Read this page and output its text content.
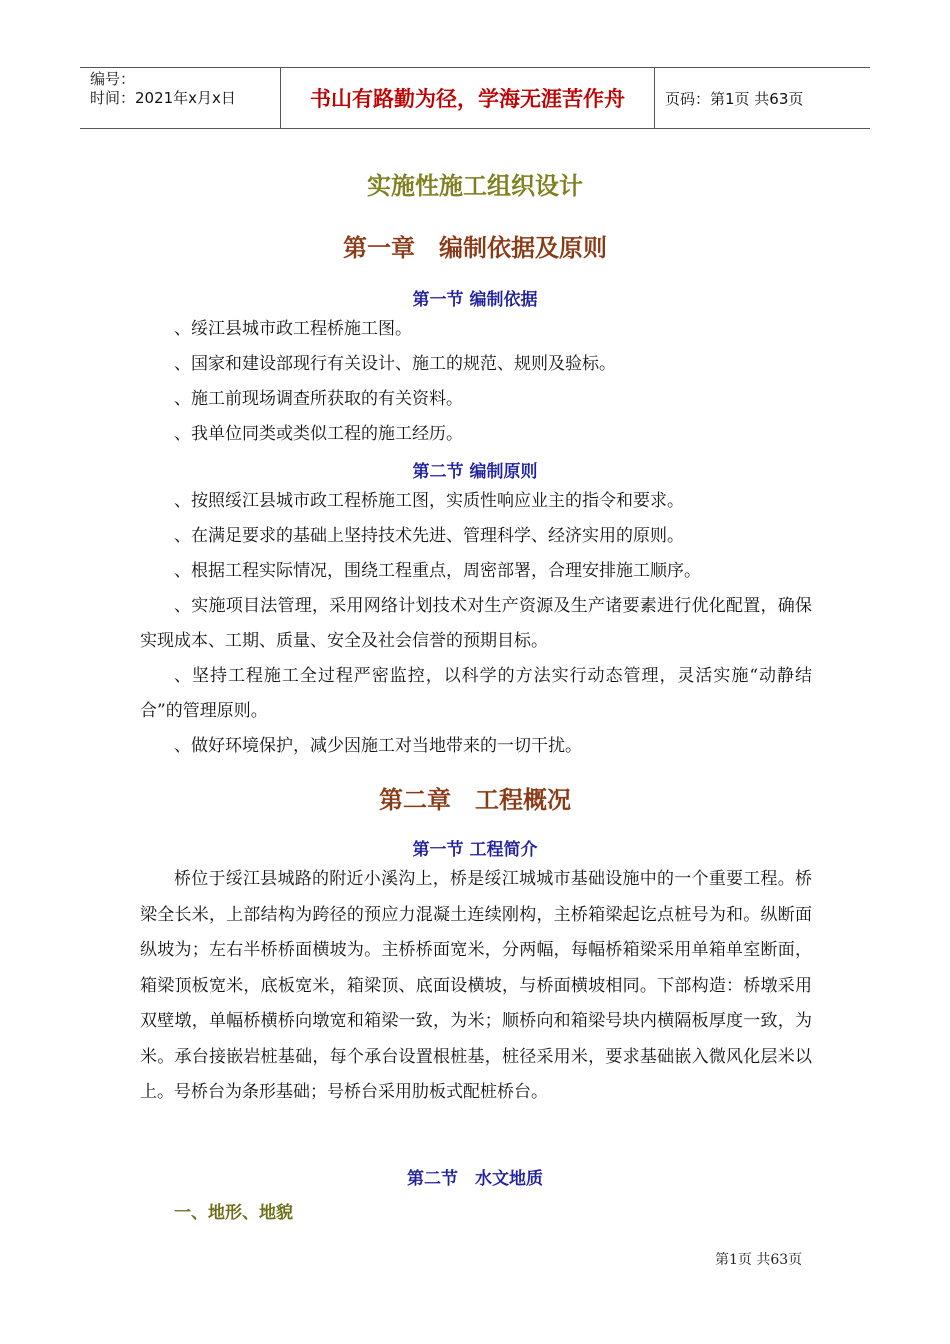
编号：
时间：2021年x月x日	书山有路勤为径，学海无涯苦作舟	页码：第1页 共63页
实施性施工组织设计
第一章　编制依据及原则
第一节 编制依据
、绥江县城市政工程桥施工图。
、国家和建设部现行有关设计、施工的规范、规则及验标。
、施工前现场调查所获取的有关资料。
、我单位同类或类似工程的施工经历。
第二节 编制原则
、按照绥江县城市政工程桥施工图，实质性响应业主的指令和要求。
、在满足要求的基础上坚持技术先进、管理科学、经济实用的原则。
、根据工程实际情况，围绕工程重点，周密部署，合理安排施工顺序。
、实施项目法管理，采用网络计划技术对生产资源及生产诸要素进行优化配置，确保实现成本、工期、质量、安全及社会信誉的预期目标。
、坚持工程施工全过程严密监控，以科学的方法实行动态管理，灵活实施“动静结合”的管理原则。
、做好环境保护，减少因施工对当地带来的一切干扰。
第二章　工程概况
第一节 工程简介
桥位于绥江县城路的附近小溪沟上，桥是绥江城城市基础设施中的一个重要工程。桥梁全长米，上部结构为跨径的预应力混凝土连续刚构，主桥箱梁起讫点桩号为和。纵断面纵坡为；左右半桥桥面横坡为。主桥桥面宽米，分两幅，每幅桥箱梁采用单箱单室断面，箱梁顶板宽米，底板宽米，箱梁顶、底面设横坡，与桥面横坡相同。下部构造：桥墩采用双壁墩，单幅桥横桥向墩宽和箱梁一致，为米；顺桥向和箱梁号块内横隔板厚度一致，为米。承台接嵌岩桩基础，每个承台设置根桩基，桩径采用米，要求基础嵌入微风化层米以上。号桥台为条形基础；号桥台采用肋板式配桩桥台。
第二节　水文地质
一、地形、地貌
第1页 共63页
